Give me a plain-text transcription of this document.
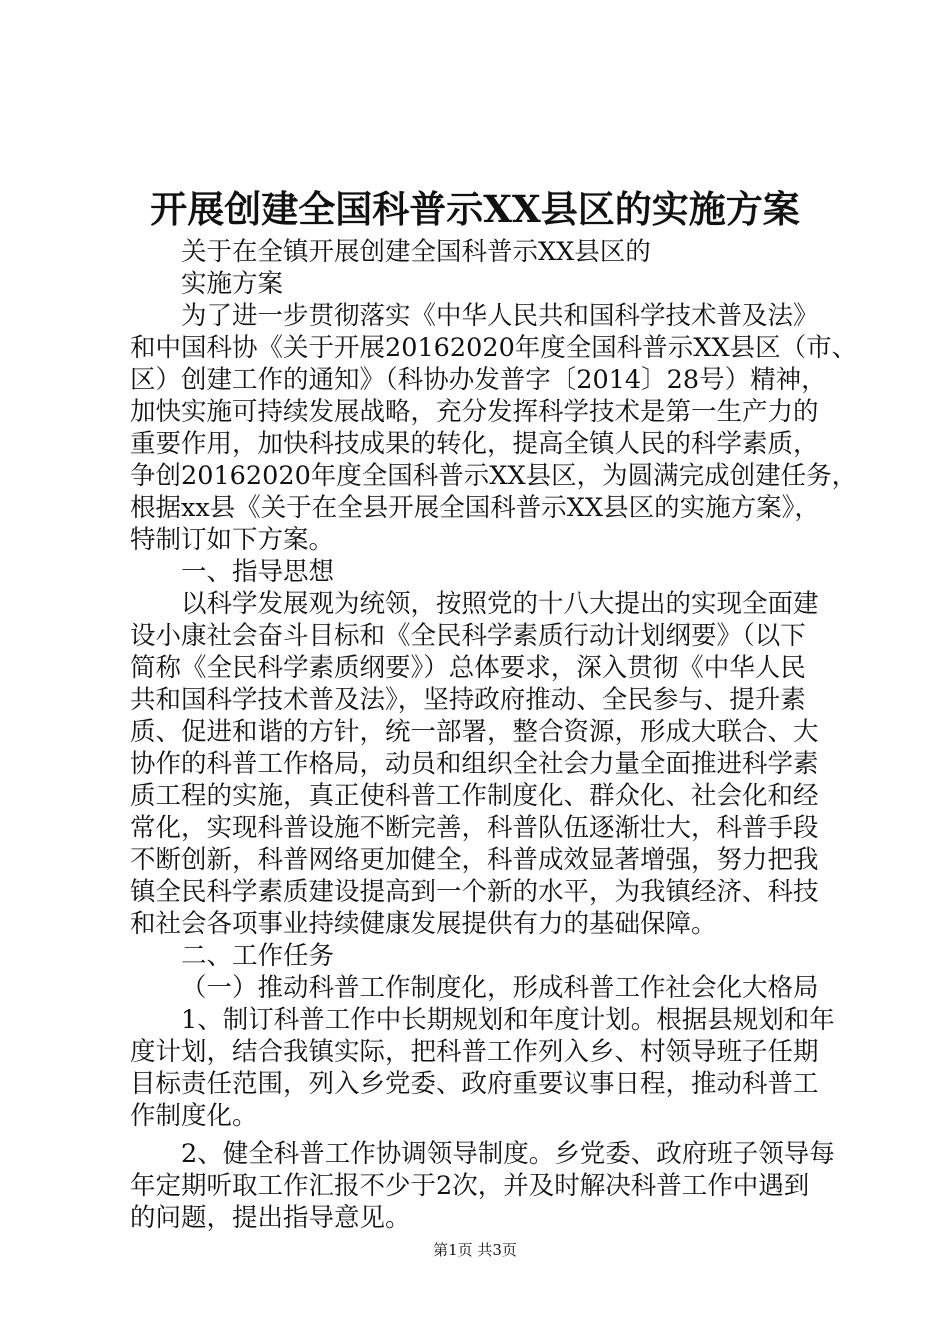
开展创建全国科普示XX县区的实施方案
关于在全镇开展创建全国科普示XX县区的
实施方案
为了进一步贯彻落实《中华人民共和国科学技术普及法》
和中国科协《关于开展20162020年度全国科普示XX县区（市、
区）创建工作的通知》（科协办发普字〔2014〕28号）精神，
加快实施可持续发展战略，充分发挥科学技术是第一生产力的
重要作用，加快科技成果的转化，提高全镇人民的科学素质，
争创20162020年度全国科普示XX县区，为圆满完成创建任务，
根据xx县《关于在全县开展全国科普示XX县区的实施方案》，
特制订如下方案。
一、指导思想
以科学发展观为统领，按照党的十八大提出的实现全面建
设小康社会奋斗目标和《全民科学素质行动计划纲要》（以下
简称《全民科学素质纲要》）总体要求，深入贯彻《中华人民
共和国科学技术普及法》，坚持政府推动、全民参与、提升素
质、促进和谐的方针，统一部署，整合资源，形成大联合、大
协作的科普工作格局，动员和组织全社会力量全面推进科学素
质工程的实施，真正使科普工作制度化、群众化、社会化和经
常化，实现科普设施不断完善，科普队伍逐渐壮大，科普手段
不断创新，科普网络更加健全，科普成效显著增强，努力把我
镇全民科学素质建设提高到一个新的水平，为我镇经济、科技
和社会各项事业持续健康发展提供有力的基础保障。
二、工作任务
（一）推动科普工作制度化，形成科普工作社会化大格局
1、制订科普工作中长期规划和年度计划。根据县规划和年
度计划，结合我镇实际，把科普工作列入乡、村领导班子任期
目标责任范围，列入乡党委、政府重要议事日程，推动科普工
作制度化。
2、健全科普工作协调领导制度。乡党委、政府班子领导每
年定期听取工作汇报不少于2次，并及时解决科普工作中遇到
的问题，提出指导意见。
第1页 共3页
